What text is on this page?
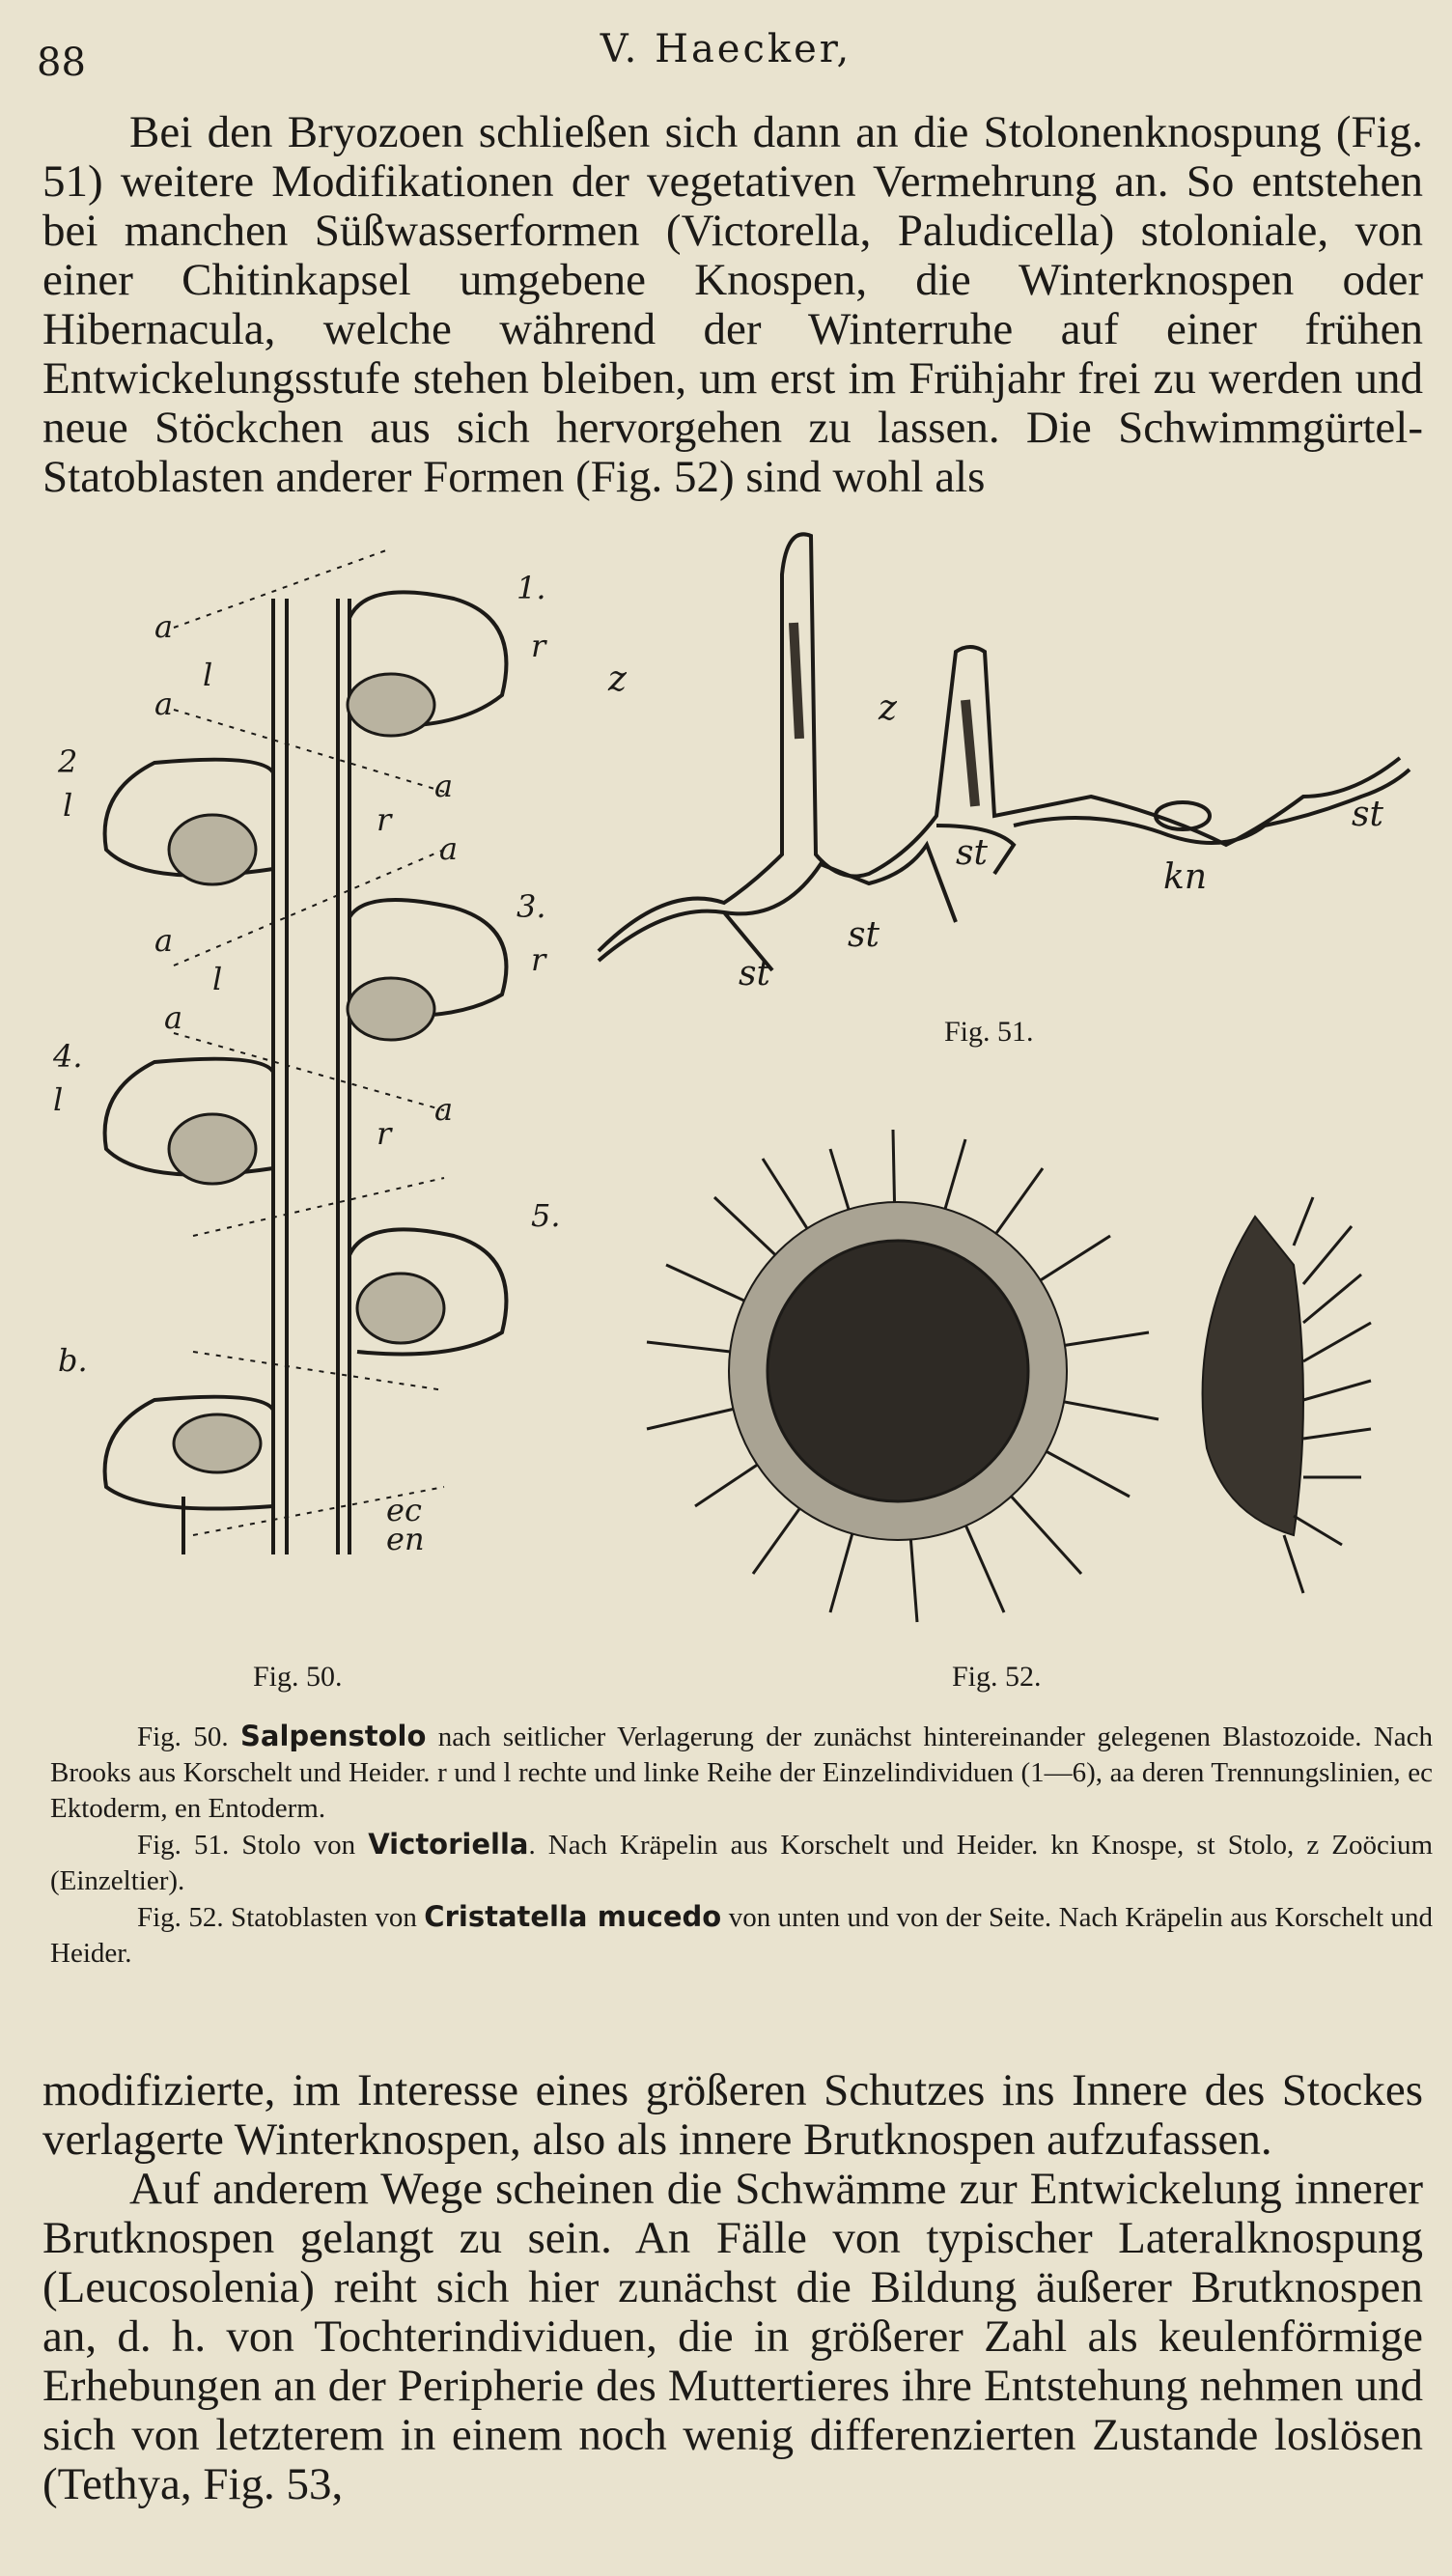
88	V. Haecker,

Bei den Bryozoen schließen sich dann an die Stolonenknospung (Fig. 51) weitere Modifikationen der vegetativen Vermehrung an. So entstehen bei manchen Süßwasserformen (Victorella, Paludicella) stoloniale, von einer Chitinkapsel umgebene Knospen, die Winterknospen oder Hibernacula, welche während der Winterruhe auf einer frühen Entwickelungsstufe stehen bleiben, um erst im Frühjahr frei zu werden und neue Stöckchen aus sich hervorgehen zu lassen. Die Schwimmgürtel-Statoblasten anderer Formen (Fig. 52) sind wohl als

a
l
a
1.
r
2
l
a
r
a
a
3.
l
r
a
4.
l	a
r
5.
b.
ec
en
Fig. 50.
z
z
st
st
st
kn
st
Fig. 51.
Fig. 52.

Fig. 50. Salpenstolo nach seitlicher Verlagerung der zunächst hintereinander gelegenen Blastozoide. Nach Brooks aus Korschelt und Heider. r und l rechte und linke Reihe der Einzelindividuen (1—6), aa deren Trennungslinien, ec Ektoderm, en Entoderm.

Fig. 51. Stolo von Victoriella. Nach Kräpelin aus Korschelt und Heider. kn Knospe, st Stolo, z Zoöcium (Einzeltier).

Fig. 52. Statoblasten von Cristatella mucedo von unten und von der Seite. Nach Kräpelin aus Korschelt und Heider.

modifizierte, im Interesse eines größeren Schutzes ins Innere des Stockes verlagerte Winterknospen, also als innere Brutknospen aufzufassen.

Auf anderem Wege scheinen die Schwämme zur Entwickelung innerer Brutknospen gelangt zu sein. An Fälle von typischer Lateralknospung (Leucosolenia) reiht sich hier zunächst die Bildung äußerer Brutknospen an, d. h. von Tochterindividuen, die in größerer Zahl als keulenförmige Erhebungen an der Peripherie des Muttertieres ihre Entstehung nehmen und sich von letzterem in einem noch wenig differenzierten Zustande loslösen (Tethya, Fig. 53,
